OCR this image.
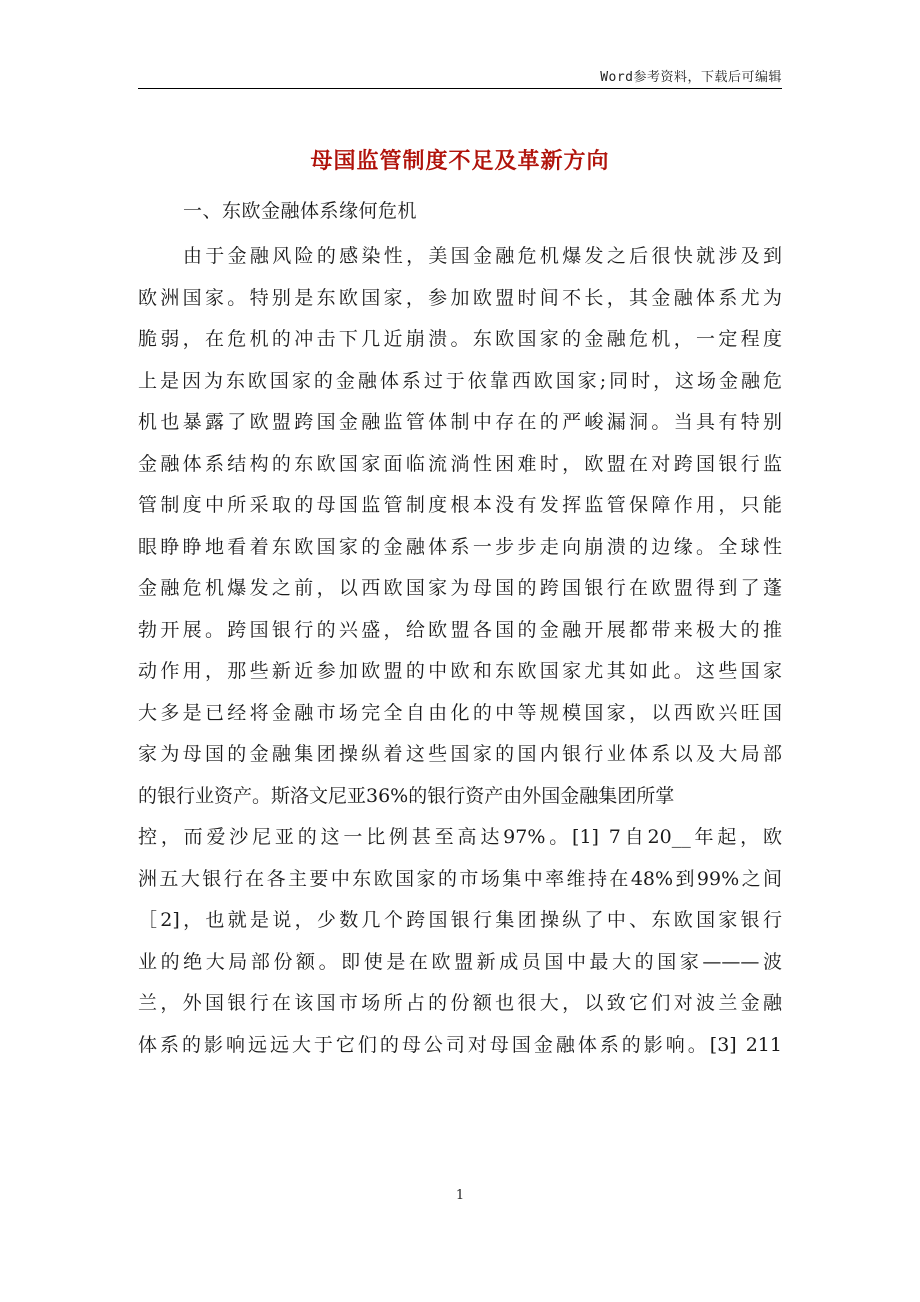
Word参考资料，下载后可编辑
母国监管制度不足及革新方向
一、东欧金融体系缘何危机
由于金融风险的感染性，美国金融危机爆发之后很快就涉及到
欧洲国家。特别是东欧国家，参加欧盟时间不长，其金融体系尤为
脆弱，在危机的冲击下几近崩溃。东欧国家的金融危机，一定程度
上是因为东欧国家的金融体系过于依靠西欧国家;同时，这场金融危
机也暴露了欧盟跨国金融监管体制中存在的严峻漏洞。当具有特别
金融体系结构的东欧国家面临流淌性困难时，欧盟在对跨国银行监
管制度中所采取的母国监管制度根本没有发挥监管保障作用，只能
眼睁睁地看着东欧国家的金融体系一步步走向崩溃的边缘。全球性
金融危机爆发之前，以西欧国家为母国的跨国银行在欧盟得到了蓬
勃开展。跨国银行的兴盛，给欧盟各国的金融开展都带来极大的推
动作用，那些新近参加欧盟的中欧和东欧国家尤其如此。这些国家
大多是已经将金融市场完全自由化的中等规模国家，以西欧兴旺国
家为母国的金融集团操纵着这些国家的国内银行业体系以及大局部
的银行业资产。斯洛文尼亚36%的银行资产由外国金融集团所掌
控，而爱沙尼亚的这一比例甚至高达97%。[1] 7自20__年起，欧
洲五大银行在各主要中东欧国家的市场集中率维持在48%到99%之间
［2]，也就是说，少数几个跨国银行集团操纵了中、东欧国家银行
业的绝大局部份额。即使是在欧盟新成员国中最大的国家———波
兰，外国银行在该国市场所占的份额也很大，以致它们对波兰金融
体系的影响远远大于它们的母公司对母国金融体系的影响。[3] 211
1
